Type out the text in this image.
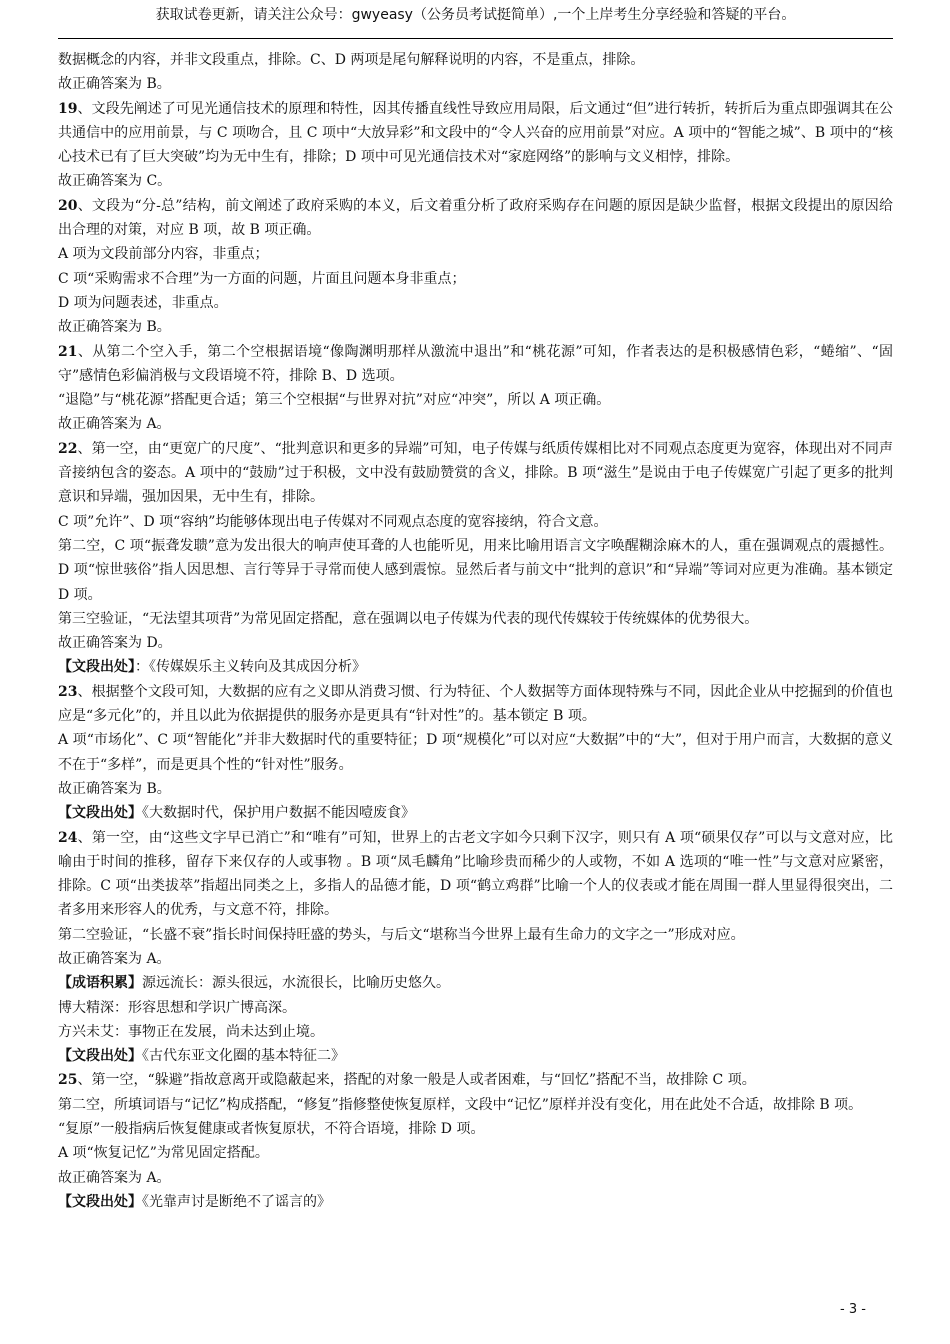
获取试卷更新，请关注公众号：gwyeasy（公务员考试挺简单）,一个上岸考生分享经验和答疑的平台。

数据概念的内容，并非文段重点，排除。C、D 两项是尾句解释说明的内容，不是重点，排除。

故正确答案为 B。

19、文段先阐述了可见光通信技术的原理和特性，因其传播直线性导致应用局限，后文通过“但”进行转折，转折后为重点即强调其在公共通信中的应用前景，与 C 项吻合，且 C 项中“大放异彩”和文段中的“令人兴奋的应用前景”对应。A 项中的“智能之城”、B 项中的“核心技术已有了巨大突破”均为无中生有，排除；D 项中可见光通信技术对“家庭网络”的影响与文义相悖，排除。

故正确答案为 C。

20、文段为“分-总”结构，前文阐述了政府采购的本义，后文着重分析了政府采购存在问题的原因是缺少监督，根据文段提出的原因给出合理的对策，对应 B 项，故 B 项正确。

A 项为文段前部分内容，非重点；

C 项“采购需求不合理”为一方面的问题，片面且问题本身非重点；

D 项为问题表述，非重点。

故正确答案为 B。

21、从第二个空入手，第二个空根据语境“像陶渊明那样从激流中退出”和“桃花源”可知，作者表达的是积极感情色彩，“蜷缩”、“固守”感情色彩偏消极与文段语境不符，排除 B、D 选项。

“退隐”与“桃花源”搭配更合适；第三个空根据“与世界对抗”对应“冲突”，所以 A 项正确。

故正确答案为 A。

22、第一空，由“更宽广的尺度”、“批判意识和更多的异端”可知，电子传媒与纸质传媒相比对不同观点态度更为宽容，体现出对不同声音接纳包含的姿态。A 项中的“鼓励”过于积极，文中没有鼓励赞赏的含义，排除。B 项“滋生”是说由于电子传媒宽广引起了更多的批判意识和异端，强加因果，无中生有，排除。

C 项”允许”、D 项“容纳”均能够体现出电子传媒对不同观点态度的宽容接纳，符合文意。

第二空，C 项“振聋发聩”意为发出很大的响声使耳聋的人也能听见，用来比喻用语言文字唤醒糊涂麻木的人，重在强调观点的震撼性。D 项“惊世骇俗”指人因思想、言行等异于寻常而使人感到震惊。显然后者与前文中“批判的意识”和“异端”等词对应更为准确。基本锁定 D 项。

第三空验证，“无法望其项背”为常见固定搭配，意在强调以电子传媒为代表的现代传媒较于传统媒体的优势很大。

故正确答案为 D。

【文段出处】：《传媒娱乐主义转向及其成因分析》

23、根据整个文段可知，大数据的应有之义即从消费习惯、行为特征、个人数据等方面体现特殊与不同，因此企业从中挖掘到的价值也应是“多元化”的，并且以此为依据提供的服务亦是更具有“针对性”的。基本锁定 B 项。

A 项“市场化”、C 项“智能化”并非大数据时代的重要特征；D 项“规模化”可以对应“大数据”中的“大”，但对于用户而言，大数据的意义不在于“多样”，而是更具个性的“针对性”服务。

故正确答案为 B。

【文段出处】《大数据时代，保护用户数据不能因噎废食》

24、第一空，由“这些文字早已消亡”和“唯有”可知，世界上的古老文字如今只剩下汉字，则只有 A 项“硕果仅存”可以与文意对应，比喻由于时间的推移，留存下来仅存的人或事物 。B 项“凤毛麟角”比喻珍贵而稀少的人或物，不如 A 选项的“唯一性”与文意对应紧密，排除。C 项“出类拔萃”指超出同类之上，多指人的品德才能，D 项“鹤立鸡群”比喻一个人的仪表或才能在周围一群人里显得很突出，二者多用来形容人的优秀，与文意不符，排除。

第二空验证，“长盛不衰”指长时间保持旺盛的势头，与后文“堪称当今世界上最有生命力的文字之一”形成对应。

故正确答案为 A。

【成语积累】源远流长：源头很远，水流很长，比喻历史悠久。

博大精深：形容思想和学识广博高深。

方兴未艾：事物正在发展，尚未达到止境。

【文段出处】《古代东亚文化圈的基本特征二》

25、第一空，“躲避”指故意离开或隐蔽起来，搭配的对象一般是人或者困难，与“回忆”搭配不当，故排除 C 项。

第二空，所填词语与“记忆”构成搭配，“修复”指修整使恢复原样，文段中“记忆”原样并没有变化，用在此处不合适，故排除 B 项。

“复原”一般指病后恢复健康或者恢复原状，不符合语境，排除 D 项。

A 项“恢复记忆”为常见固定搭配。

故正确答案为 A。

【文段出处】《光靠声讨是断绝不了谣言的》

- 3 -
